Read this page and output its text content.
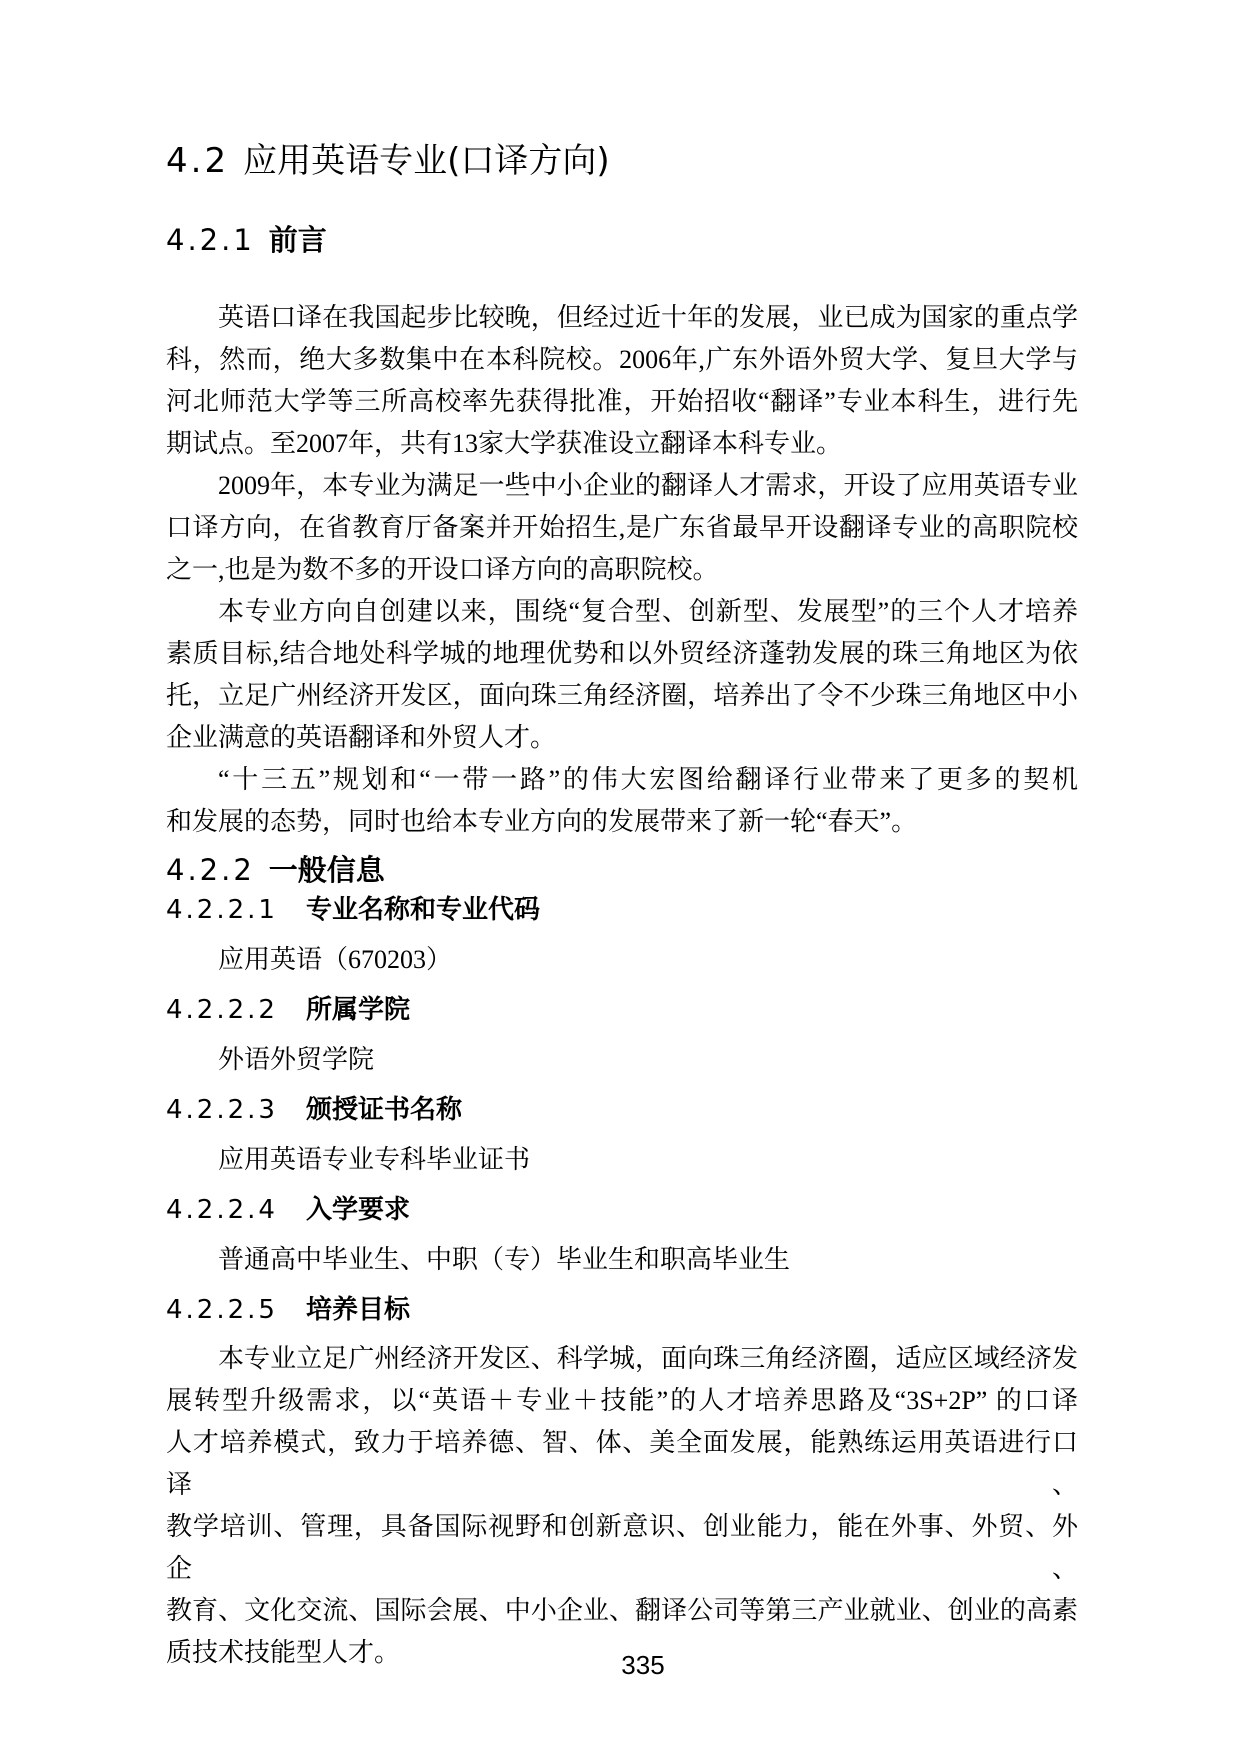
4.2 应用英语专业(口译方向)
4.2.1 前言
英语口译在我国起步比较晚，但经过近十年的发展，业已成为国家的重点学
科，然而，绝大多数集中在本科院校。2006年,广东外语外贸大学、复旦大学与
河北师范大学等三所高校率先获得批准，开始招收“翻译”专业本科生，进行先
期试点。至2007年，共有13家大学获准设立翻译本科专业。
2009年，本专业为满足一些中小企业的翻译人才需求，开设了应用英语专业
口译方向，在省教育厅备案并开始招生,是广东省最早开设翻译专业的高职院校
之一,也是为数不多的开设口译方向的高职院校。
本专业方向自创建以来，围绕“复合型、创新型、发展型”的三个人才培养
素质目标,结合地处科学城的地理优势和以外贸经济蓬勃发展的珠三角地区为依
托，立足广州经济开发区，面向珠三角经济圈，培养出了令不少珠三角地区中小
企业满意的英语翻译和外贸人才。
“十三五”规划和“一带一路”的伟大宏图给翻译行业带来了更多的契机
和发展的态势，同时也给本专业方向的发展带来了新一轮“春天”。
4.2.2 一般信息
4.2.2.1 专业名称和专业代码
应用英语（670203）
4.2.2.2 所属学院
外语外贸学院
4.2.2.3 颁授证书名称
应用英语专业专科毕业证书
4.2.2.4 入学要求
普通高中毕业生、中职（专）毕业生和职高毕业生
4.2.2.5 培养目标
本专业立足广州经济开发区、科学城，面向珠三角经济圈，适应区域经济发
展转型升级需求，以“英语＋专业＋技能”的人才培养思路及“3S+2P” 的口译
人才培养模式，致力于培养德、智、体、美全面发展，能熟练运用英语进行口译、
教学培训、管理，具备国际视野和创新意识、创业能力，能在外事、外贸、外企、
教育、文化交流、国际会展、中小企业、翻译公司等第三产业就业、创业的高素
质技术技能型人才。	335
